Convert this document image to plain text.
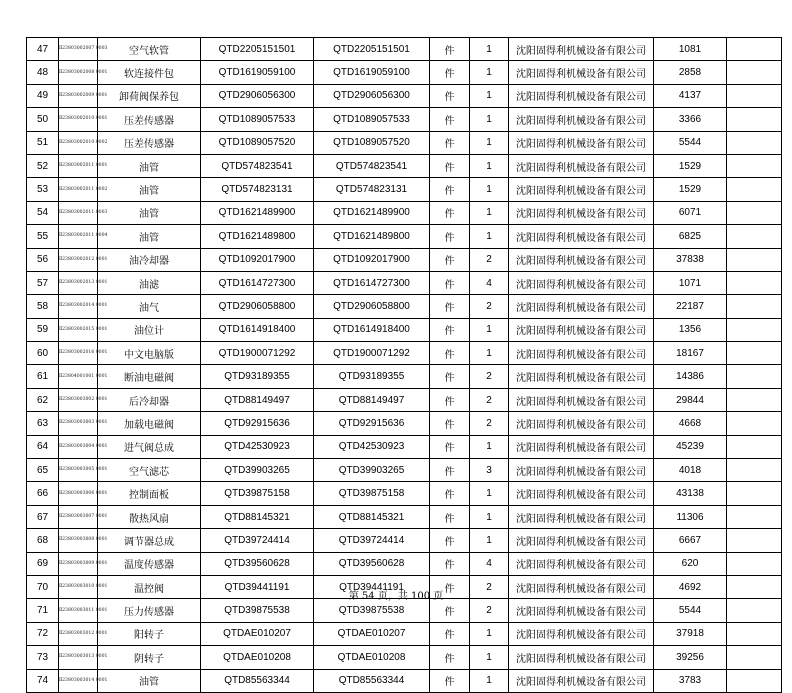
47	Ⅱ23803002007 0003	空气软管	QTD2205151501	QTD2205151501	件	1	沈阳固得利机械设备有限公司	1081	
48	Ⅱ23803002008 0001	软连接件包	QTD1619059100	QTD1619059100	件	1	沈阳固得利机械设备有限公司	2858	
49	Ⅱ23803002009 0001	卸荷阀保养包	QTD2906056300	QTD2906056300	件	1	沈阳固得利机械设备有限公司	4137	
50	Ⅱ23803002010 0001	压差传感器	QTD1089057533	QTD1089057533	件	1	沈阳固得利机械设备有限公司	3366	
51	Ⅱ23803002010 0002	压差传感器	QTD1089057520	QTD1089057520	件	1	沈阳固得利机械设备有限公司	5544	
52	Ⅱ23803002011 0001	油管	QTD574823541	QTD574823541	件	1	沈阳固得利机械设备有限公司	1529	
53	Ⅱ23803002011 0002	油管	QTD574823131	QTD574823131	件	1	沈阳固得利机械设备有限公司	1529	
54	Ⅱ23803002011 0003	油管	QTD1621489900	QTD1621489900	件	1	沈阳固得利机械设备有限公司	6071	
55	Ⅱ23803002011 0004	油管	QTD1621489800	QTD1621489800	件	1	沈阳固得利机械设备有限公司	6825	
56	Ⅱ23803002012 0001	油冷却器	QTD1092017900	QTD1092017900	件	2	沈阳固得利机械设备有限公司	37838	
57	Ⅱ23803002013 0001	油滤	QTD1614727300	QTD1614727300	件	4	沈阳固得利机械设备有限公司	1071	
58	Ⅱ23803002014 0001	油气	QTD2906058800	QTD2906058800	件	2	沈阳固得利机械设备有限公司	22187	
59	Ⅱ23803002015 0001	油位计	QTD1614918400	QTD1614918400	件	1	沈阳固得利机械设备有限公司	1356	
60	Ⅱ23803002016 0001	中文电脑版	QTD1900071292	QTD1900071292	件	1	沈阳固得利机械设备有限公司	18167	
61	Ⅱ23804001001 0001	断油电磁阀	QTD93189355	QTD93189355	件	2	沈阳固得利机械设备有限公司	14386	
62	Ⅱ23803003002 0001	后冷却器	QTD88149497	QTD88149497	件	2	沈阳固得利机械设备有限公司	29844	
63	Ⅱ23803003003 0001	加载电磁阀	QTD92915636	QTD92915636	件	2	沈阳固得利机械设备有限公司	4668	
64	Ⅱ23803003004 0001	进气阀总成	QTD42530923	QTD42530923	件	1	沈阳固得利机械设备有限公司	45239	
65	Ⅱ23803003005 0001	空气滤芯	QTD39903265	QTD39903265	件	3	沈阳固得利机械设备有限公司	4018	
66	Ⅱ23803003006 0001	控制面板	QTD39875158	QTD39875158	件	1	沈阳固得利机械设备有限公司	43138	
67	Ⅱ23803003007 0001	散热风扇	QTD88145321	QTD88145321	件	1	沈阳固得利机械设备有限公司	11306	
68	Ⅱ23803003008 0001	调节器总成	QTD39724414	QTD39724414	件	1	沈阳固得利机械设备有限公司	6667	
69	Ⅱ23803003009 0001	温度传感器	QTD39560628	QTD39560628	件	4	沈阳固得利机械设备有限公司	620	
70	Ⅱ23803003010 0001	温控阀	QTD39441191	QTD39441191	件	2	沈阳固得利机械设备有限公司	4692	
71	Ⅱ23803003011 0001	压力传感器	QTD39875538	QTD39875538	件	2	沈阳固得利机械设备有限公司	5544	
72	Ⅱ23803003012 0001	阳转子	QTDAE010207	QTDAE010207	件	1	沈阳固得利机械设备有限公司	37918	
73	Ⅱ23803003013 0001	阴转子	QTDAE010208	QTDAE010208	件	1	沈阳固得利机械设备有限公司	39256	
74	Ⅱ23803003014 0001	油管	QTD85563344	QTD85563344	件	1	沈阳固得利机械设备有限公司	3783	
第 54 页，共 100 页
